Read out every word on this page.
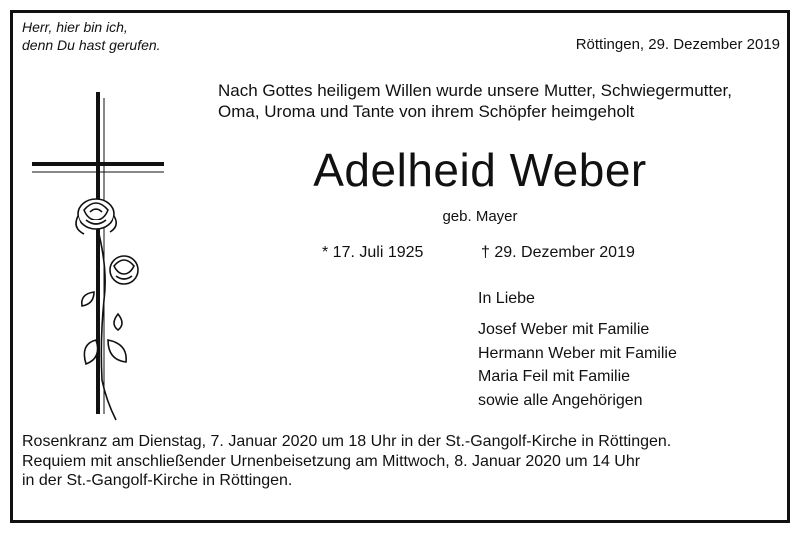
Herr, hier bin ich,
denn Du hast gerufen.	Röttingen, 29. Dezember 2019
Nach Gottes heiligem Willen wurde unsere Mutter, Schwiegermutter,
Oma, Uroma und Tante von ihrem Schöpfer heimgeholt
Adelheid Weber
geb. Mayer
* 17. Juli 1925	† 29. Dezember 2019
In Liebe
Josef Weber mit Familie
Hermann Weber mit Familie
Maria Feil mit Familie
sowie alle Angehörigen
Rosenkranz am Dienstag, 7. Januar 2020 um 18 Uhr in der St.-Gangolf-Kirche in Röttingen.
Requiem mit anschließender Urnenbeisetzung am Mittwoch, 8. Januar 2020 um 14 Uhr
in der St.-Gangolf-Kirche in Röttingen.
